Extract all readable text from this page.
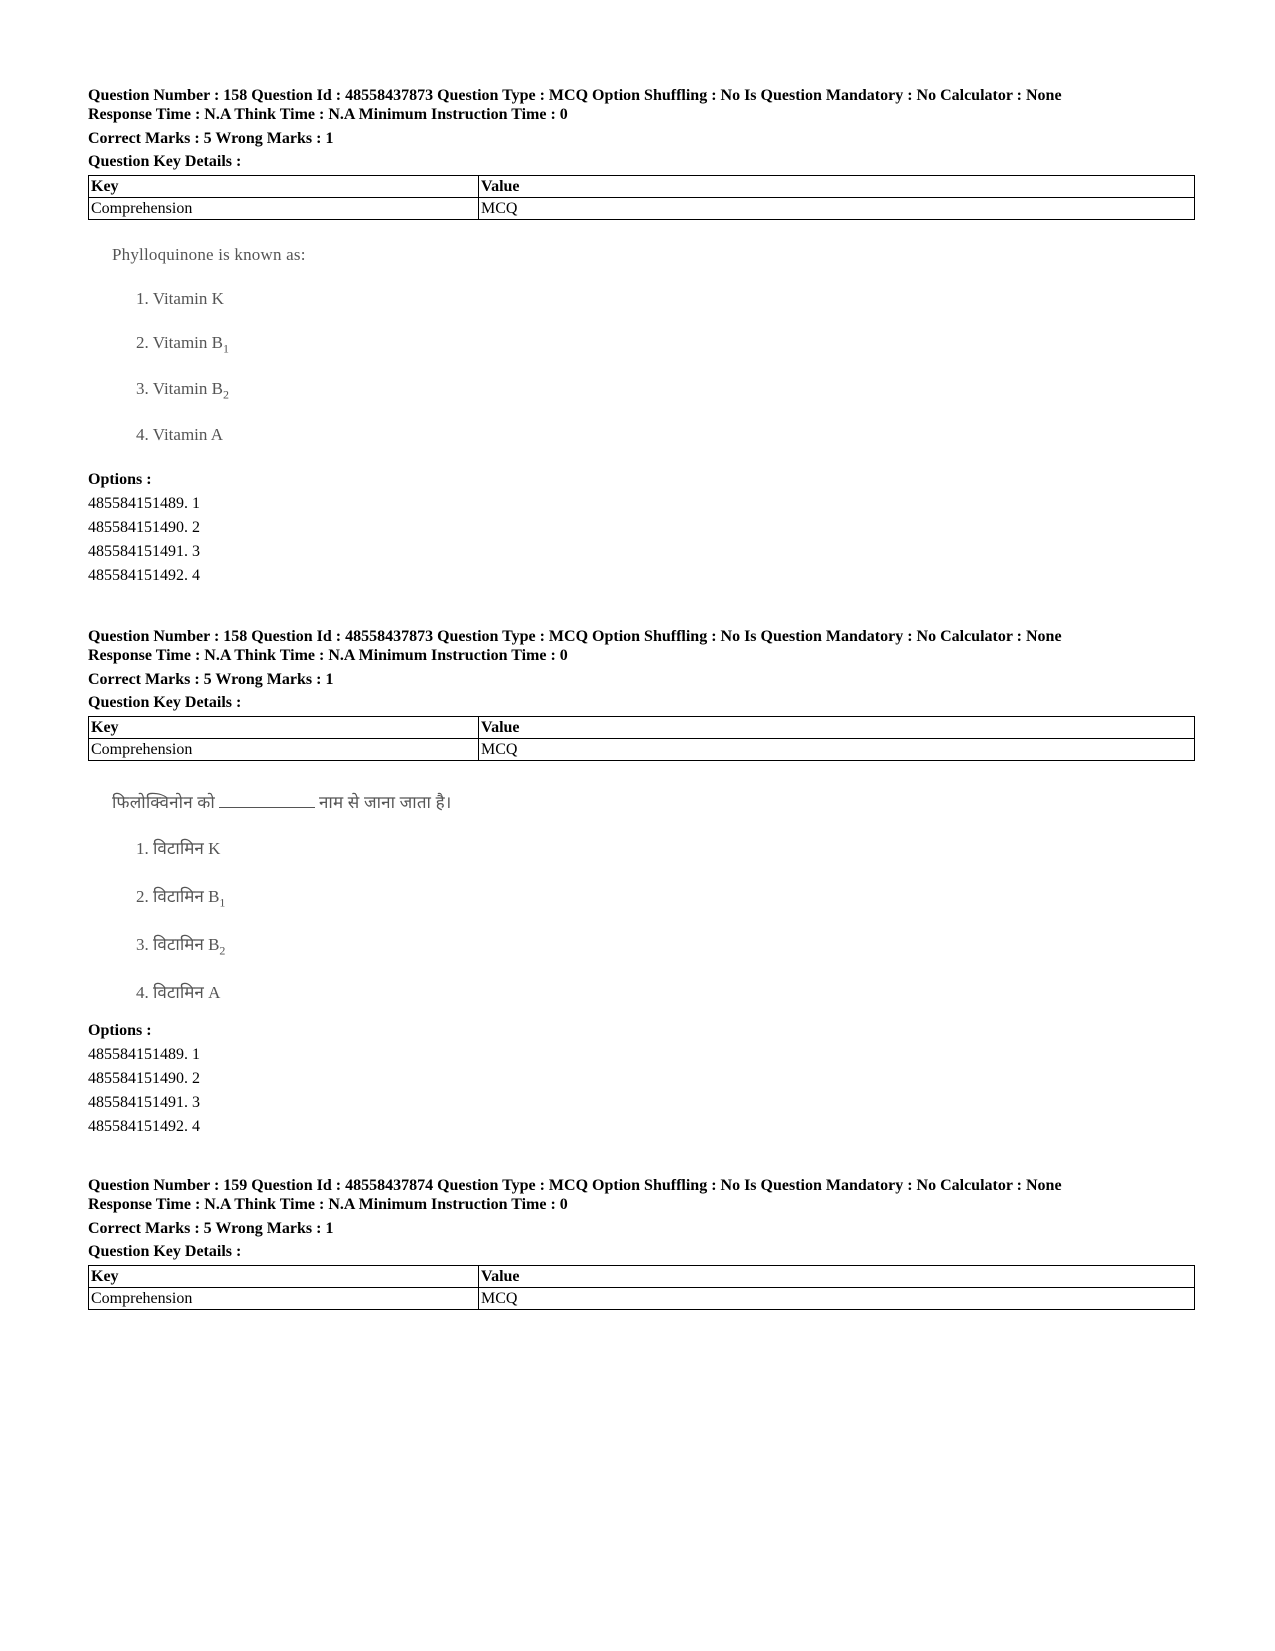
Question Number : 158 Question Id : 48558437873 Question Type : MCQ Option Shuffling : No Is Question Mandatory : No Calculator : None
Response Time : N.A Think Time : N.A Minimum Instruction Time : 0
Correct Marks : 5 Wrong Marks : 1
Question Key Details :
Key	Value
Comprehension	MCQ
Phylloquinone is known as:
1. Vitamin K
2. Vitamin $B_1$
3. Vitamin $B_2$
4. Vitamin A
Options :
485584151489. 1
485584151490. 2
485584151491. 3
485584151492. 4
Question Number : 158 Question Id : 48558437873 Question Type : MCQ Option Shuffling : No Is Question Mandatory : No Calculator : None
Response Time : N.A Think Time : N.A Minimum Instruction Time : 0
Correct Marks : 5 Wrong Marks : 1
Question Key Details :
Key	Value
Comprehension	MCQ
फिलोक्विनोन को	नाम से जाना जाता है।
1. विटामिन K
2. विटामिन $B_1$
3. विटामिन $B_2$
4. विटामिन A
Options :
485584151489. 1
485584151490. 2
485584151491. 3
485584151492. 4
Question Number : 159 Question Id : 48558437874 Question Type : MCQ Option Shuffling : No Is Question Mandatory : No Calculator : None
Response Time : N.A Think Time : N.A Minimum Instruction Time : 0
Correct Marks : 5 Wrong Marks : 1
Question Key Details :
Key	Value
Comprehension	MCQ
